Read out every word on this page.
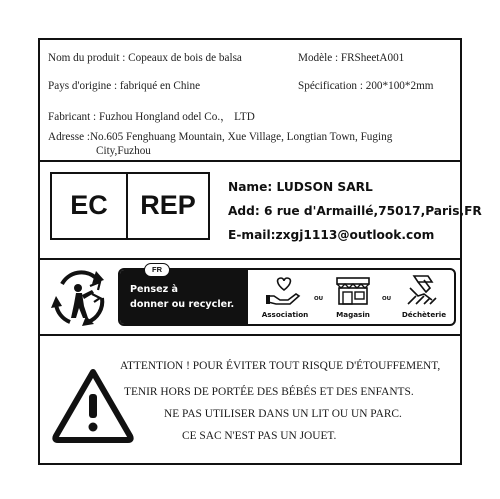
Nom du produit : Copeaux de bois de balsa	Modèle : FRSheetA001
Pays d'origine : fabriqué en Chine	Spécification : 200*100*2mm
Fabricant : Fuzhou Hongland odel Co.， LTD
Adresse :No.605 Fenghuang Mountain, Xue Village, Longtian Town, Fuging
City,Fuzhou
EC	REP
Name: LUDSON SARL
Add: 6 rue d'Armaillé,75017,Paris,FR
E-mail:zxgj1113@outlook.com
Pensez à
donner ou recycler.
FR
Association
OU
Magasin
OU
Déchèterie
ATTENTION ! POUR ÉVITER TOUT RISQUE D'ÉTOUFFEMENT,
TENIR HORS DE PORTÉE DES BÉBÉS ET DES ENFANTS.
NE PAS UTILISER DANS UN LIT OU UN PARC.
CE SAC N'EST PAS UN JOUET.
